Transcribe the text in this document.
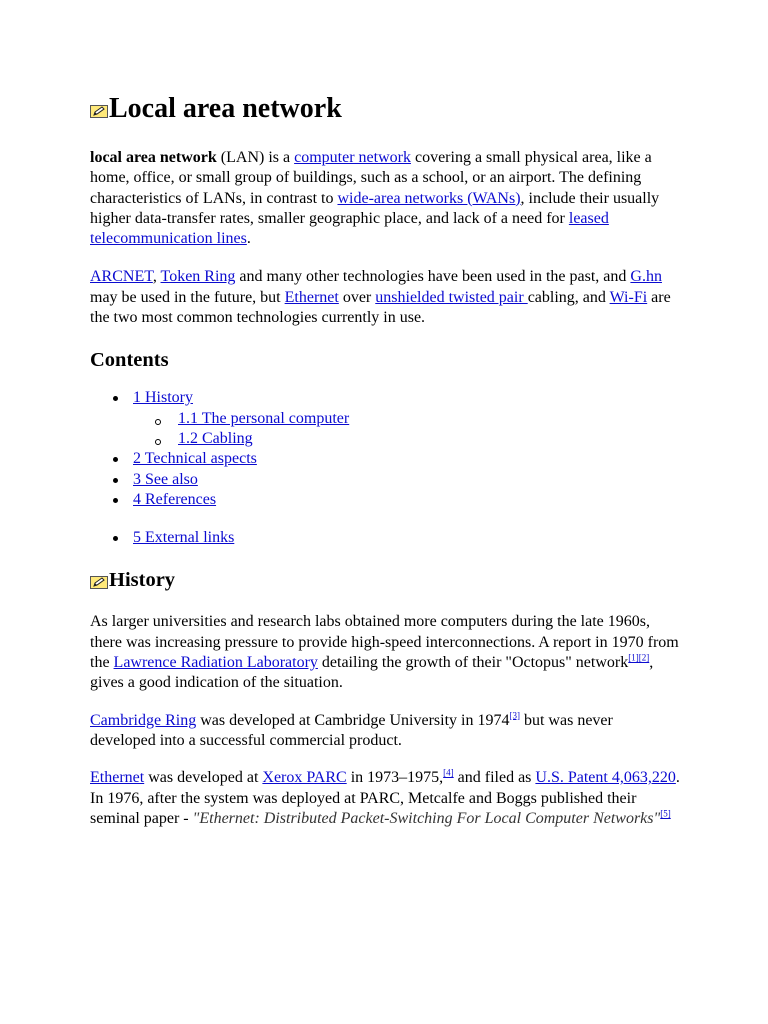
Local area network

local area network (LAN) is a computer network covering a small physical area, like a home, office, or small group of buildings, such as a school, or an airport. The defining characteristics of LANs, in contrast to wide-area networks (WANs), include their usually higher data-transfer rates, smaller geographic place, and lack of a need for leased telecommunication lines.

ARCNET, Token Ring and many other technologies have been used in the past, and G.hn may be used in the future, but Ethernet over unshielded twisted pair cabling, and Wi-Fi are the two most common technologies currently in use.

Contents
1 History
1.1 The personal computer
1.2 Cabling
2 Technical aspects
3 See also
4 References
5 External links
History

As larger universities and research labs obtained more computers during the late 1960s, there was increasing pressure to provide high-speed interconnections. A report in 1970 from the Lawrence Radiation Laboratory detailing the growth of their "Octopus" network[1][2], gives a good indication of the situation.

Cambridge Ring was developed at Cambridge University in 1974[3] but was never developed into a successful commercial product.

Ethernet was developed at Xerox PARC in 1973–1975,[4] and filed as U.S. Patent 4,063,220. In 1976, after the system was deployed at PARC, Metcalfe and Boggs published their seminal paper - "Ethernet: Distributed Packet-Switching For Local Computer Networks"[5]
